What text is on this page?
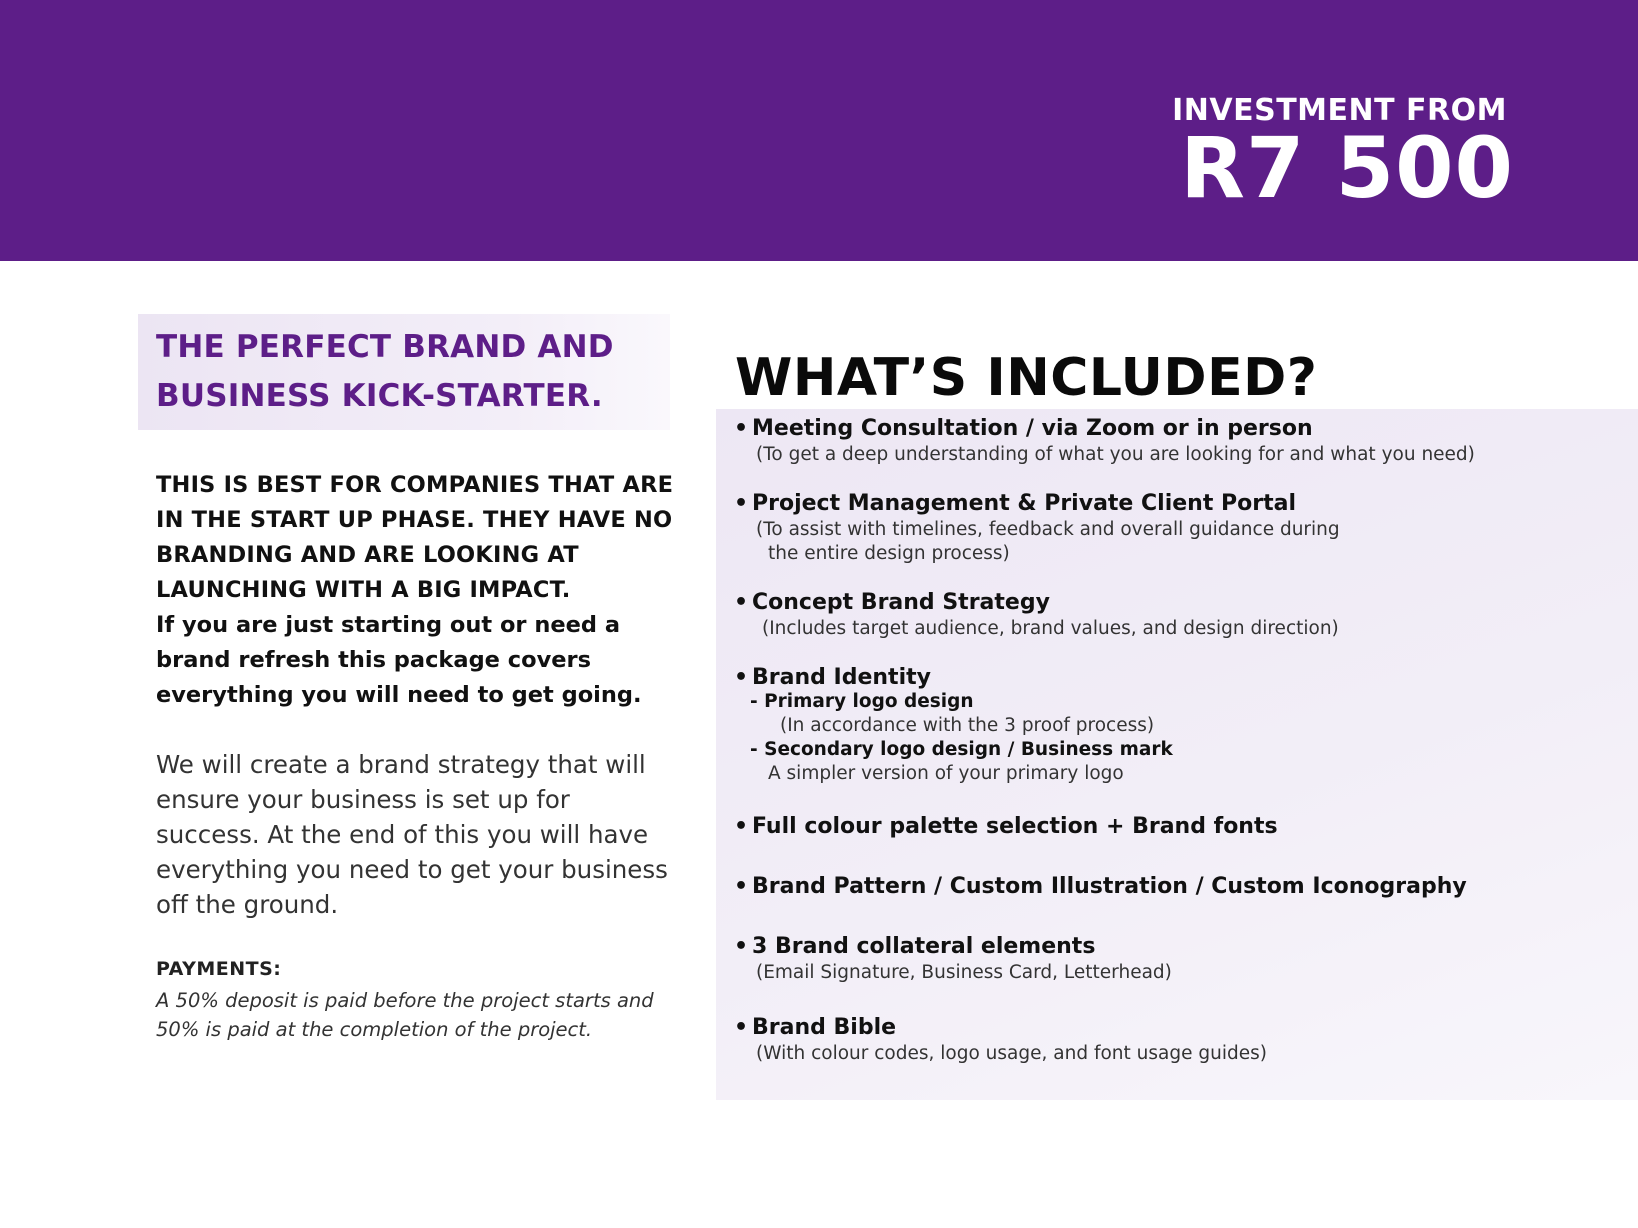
INVESTMENT FROM
R7 500
THE PERFECT BRAND AND
BUSINESS KICK-STARTER.

THIS IS BEST FOR COMPANIES THAT ARE IN THE START UP PHASE. THEY HAVE NO BRANDING AND ARE LOOKING AT LAUNCHING WITH A BIG IMPACT.

If you are just starting out or need a brand refresh this package covers everything you will need to get going.

We will create a brand strategy that will ensure your business is set up for success. At the end of this you will have everything you need to get your business off the ground.

PAYMENTS:

A 50% deposit is paid before the project starts and 50% is paid at the completion of the project.

WHAT’S INCLUDED?
• Meeting Consultation / via Zoom or in person
(To get a deep understanding of what you are looking for and what you need)
• Project Management & Private Client Portal
(To assist with timelines, feedback and overall guidance during
the entire design process)
• Concept Brand Strategy
(Includes target audience, brand values, and design direction)
• Brand Identity
- Primary logo design
(In accordance with the 3 proof process)
- Secondary logo design / Business mark
A simpler version of your primary logo
• Full colour palette selection + Brand fonts
• Brand Pattern / Custom Illustration / Custom Iconography
• 3 Brand collateral elements
(Email Signature, Business Card, Letterhead)
• Brand Bible
(With colour codes, logo usage, and font usage guides)
